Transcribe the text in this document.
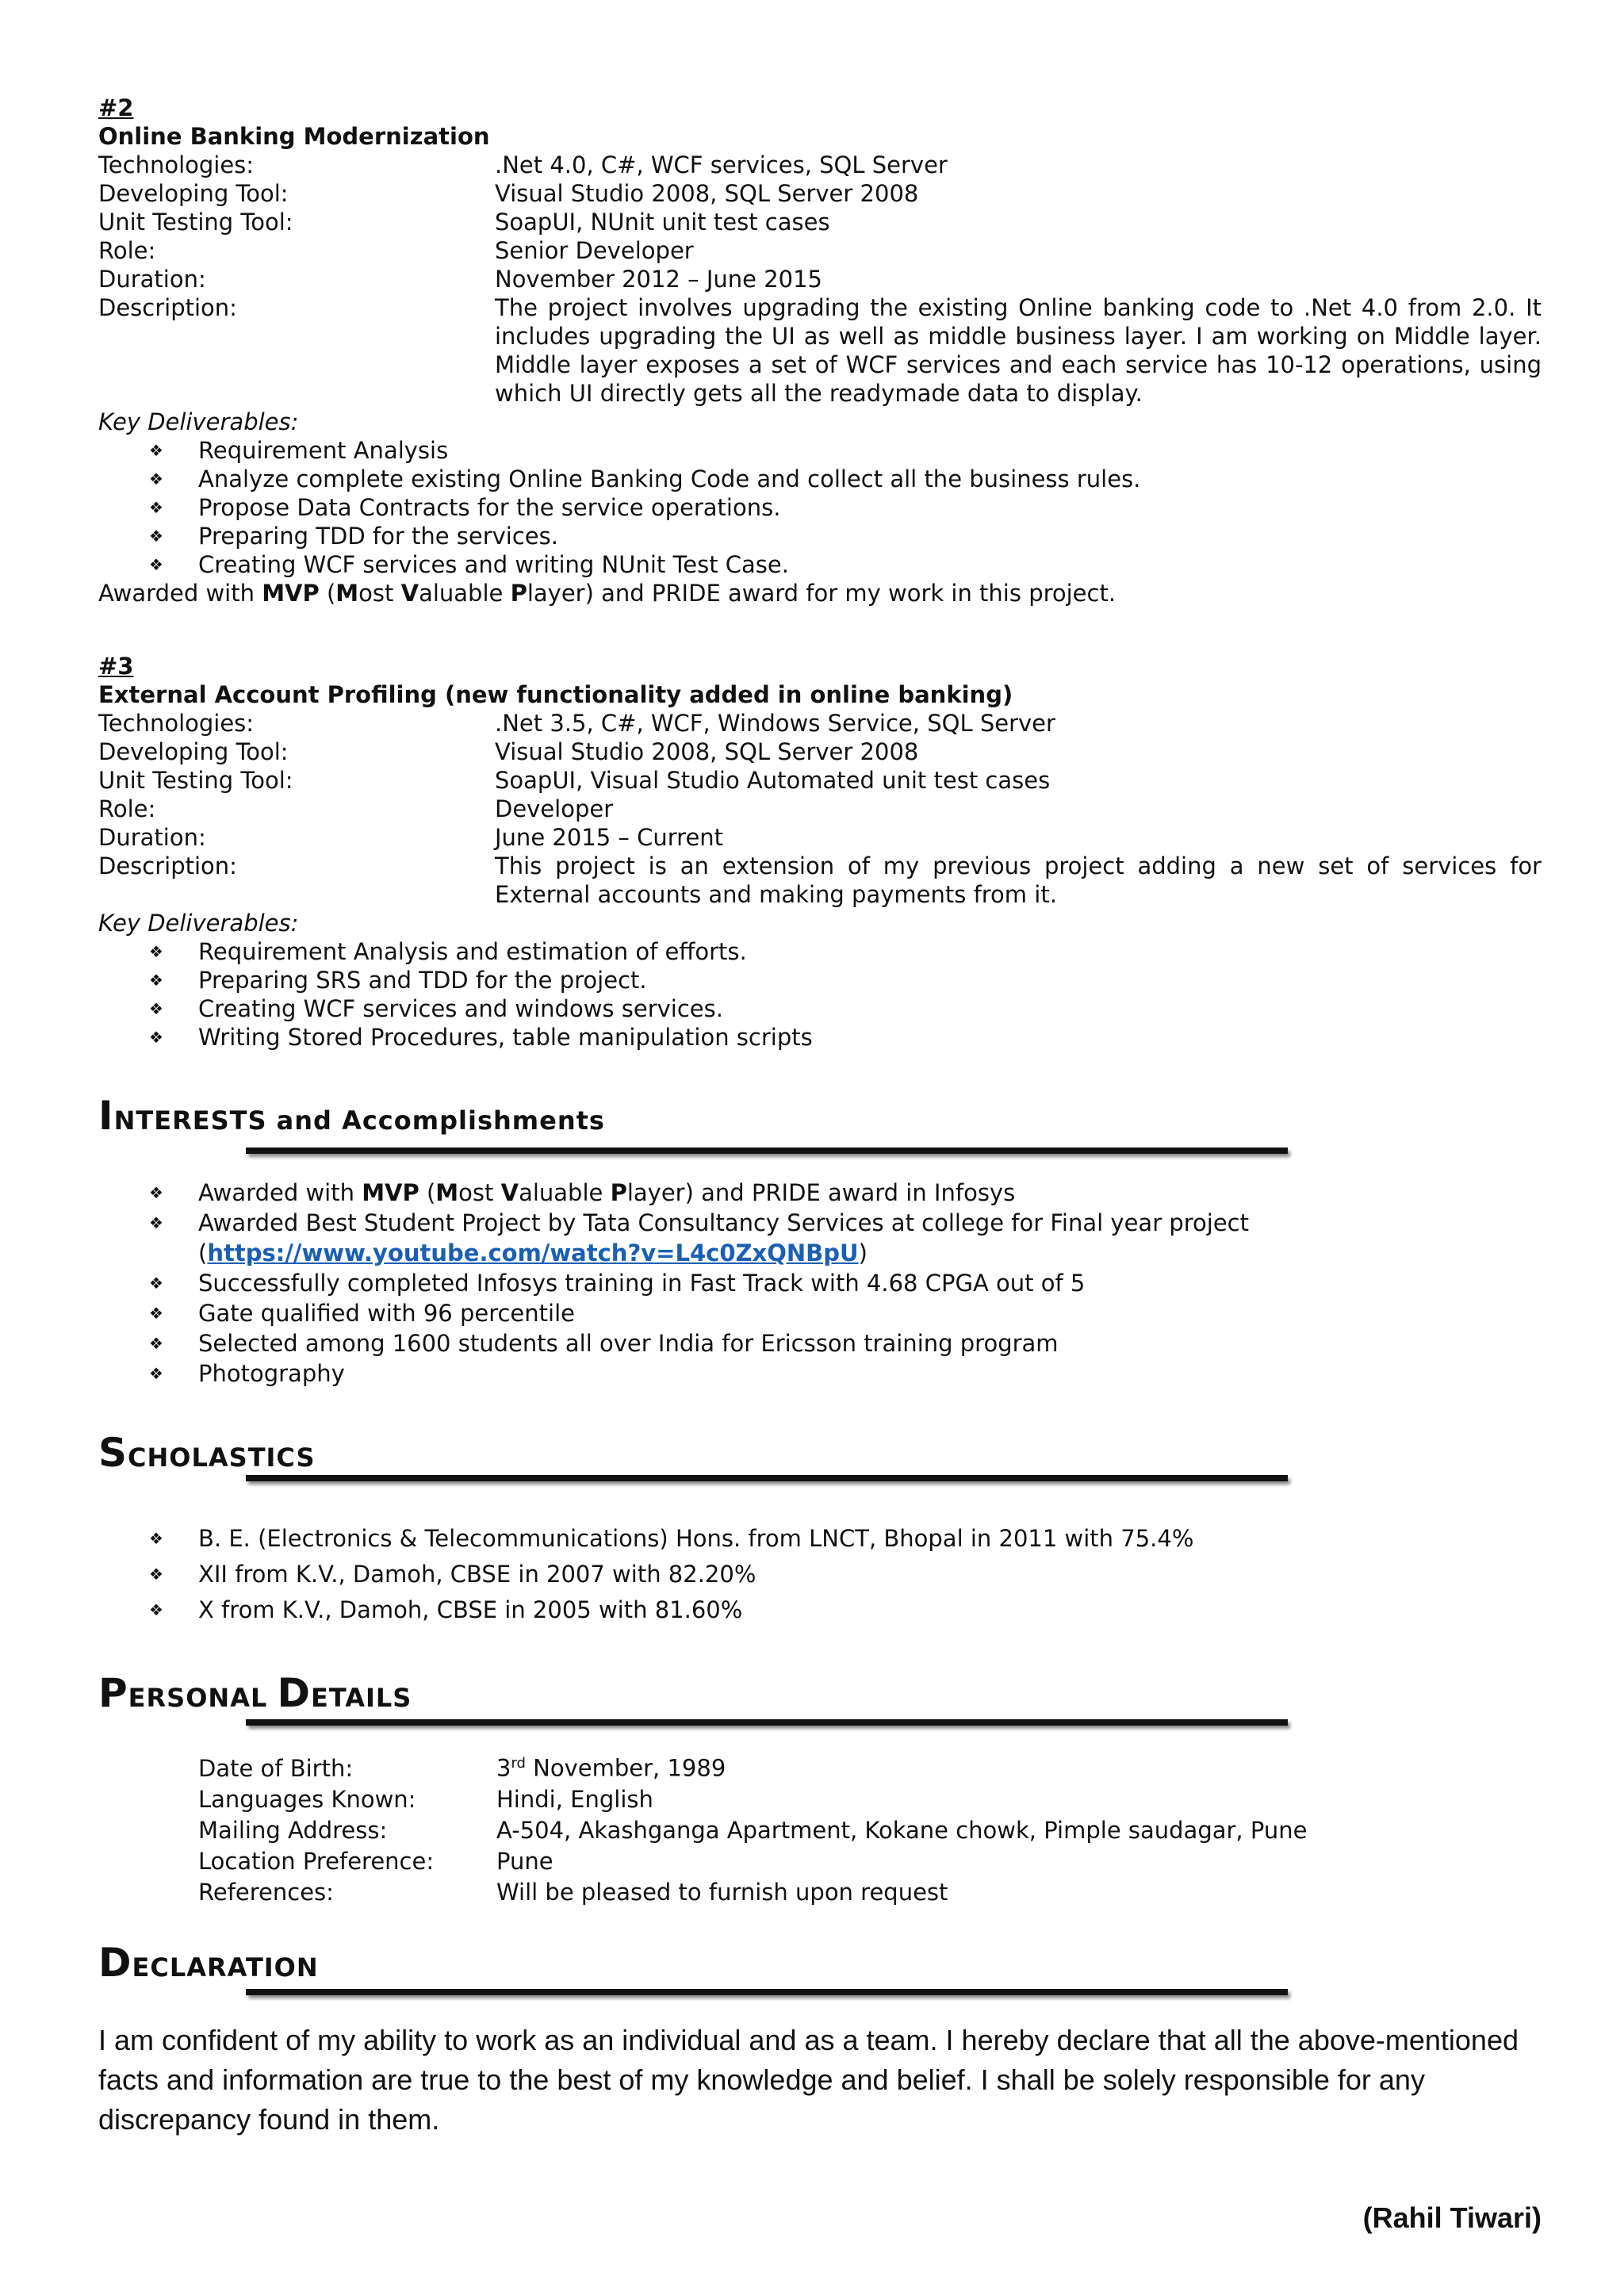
#2
Online Banking Modernization
Technologies:	.Net 4.0, C#, WCF services, SQL Server
Developing Tool:	Visual Studio 2008, SQL Server 2008
Unit Testing Tool:	SoapUI, NUnit unit test cases
Role:	Senior Developer
Duration:	November 2012 – June 2015
Description:	The project involves upgrading the existing Online banking code to .Net 4.0 from 2.0. It includes upgrading the UI as well as middle business layer. I am working on Middle layer. Middle layer exposes a set of WCF services and each service has 10-12 operations, using which UI directly gets all the readymade data to display.
Key Deliverables:
❖ Requirement Analysis
❖ Analyze complete existing Online Banking Code and collect all the business rules.
❖ Propose Data Contracts for the service operations.
❖ Preparing TDD for the services.
❖ Creating WCF services and writing NUnit Test Case.
Awarded with MVP (Most Valuable Player) and PRIDE award for my work in this project.
#3
External Account Profiling (new functionality added in online banking)
Technologies:	.Net 3.5, C#, WCF, Windows Service, SQL Server
Developing Tool:	Visual Studio 2008, SQL Server 2008
Unit Testing Tool:	SoapUI, Visual Studio Automated unit test cases
Role:	Developer
Duration:	June 2015 – Current
Description:	This project is an extension of my previous project adding a new set of services for External accounts and making payments from it.
Key Deliverables:
❖ Requirement Analysis and estimation of efforts.
❖ Preparing SRS and TDD for the project.
❖ Creating WCF services and windows services.
❖ Writing Stored Procedures, table manipulation scripts
INTERESTS and Accomplishments
❖ Awarded with MVP (Most Valuable Player) and PRIDE award in Infosys
❖ Awarded Best Student Project by Tata Consultancy Services at college for Final year project
(https://www.youtube.com/watch?v=L4c0ZxQNBpU)
❖ Successfully completed Infosys training in Fast Track with 4.68 CPGA out of 5
❖ Gate qualified with 96 percentile
❖ Selected among 1600 students all over India for Ericsson training program
❖ Photography
SCHOLASTICS
❖ B. E. (Electronics & Telecommunications) Hons. from LNCT, Bhopal in 2011 with 75.4%
❖ XII from K.V., Damoh, CBSE in 2007 with 82.20%
❖ X from K.V., Damoh, CBSE in 2005 with 81.60%
PERSONAL DETAILS
Date of Birth:	3rd November, 1989
Languages Known:	Hindi, English
Mailing Address:	A-504, Akashganga Apartment, Kokane chowk, Pimple saudagar, Pune
Location Preference:	Pune
References:	Will be pleased to furnish upon request
DECLARATION
I am confident of my ability to work as an individual and as a team. I hereby declare that all the above-mentioned facts and information are true to the best of my knowledge and belief. I shall be solely responsible for any discrepancy found in them.
(Rahil Tiwari)
